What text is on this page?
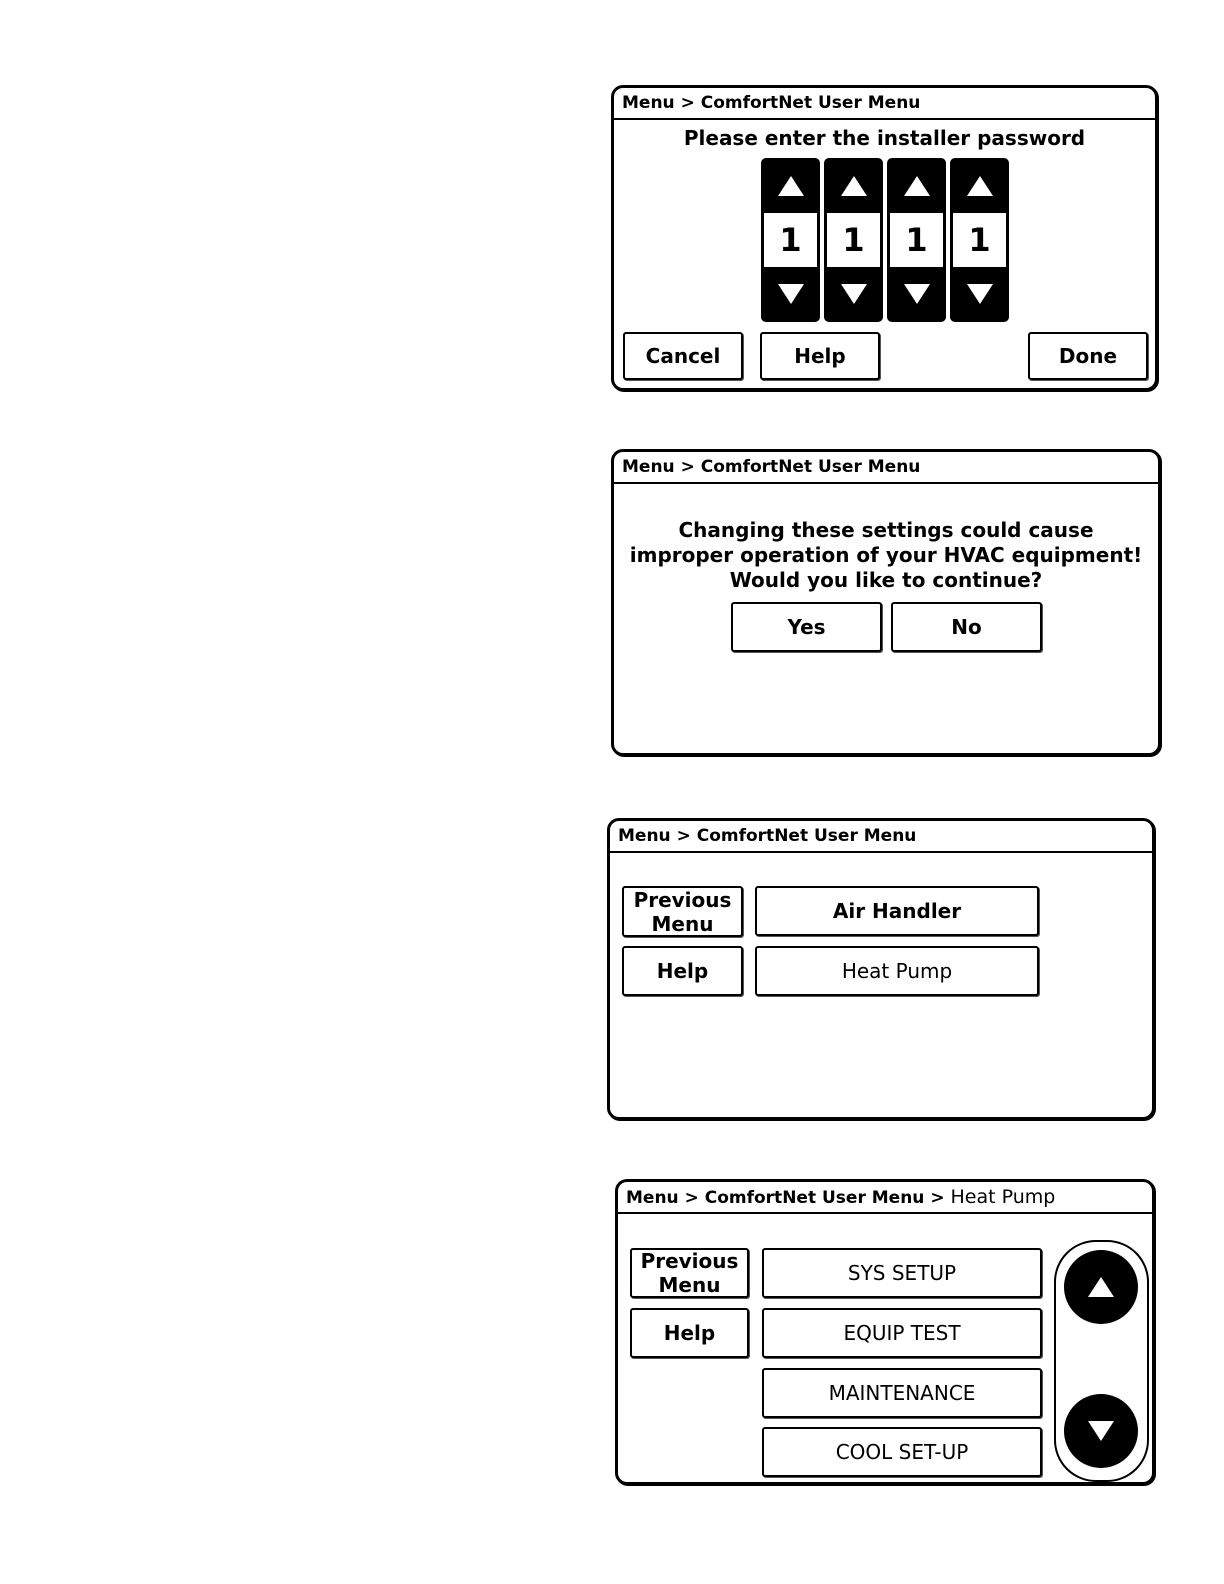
Menu > ComfortNet User Menu
Please enter the installer password
1	1	1	1
Cancel	Help	Done
Menu > ComfortNet User Menu
Changing these settings could cause improper operation of your HVAC equipment! Would you like to continue?
Yes	No
Menu > ComfortNet User Menu
Previous Menu
Help
Air Handler
Heat Pump
Menu > ComfortNet User Menu > Heat Pump
Previous Menu
Help
SYS SETUP
EQUIP TEST
MAINTENANCE
COOL SET-UP
